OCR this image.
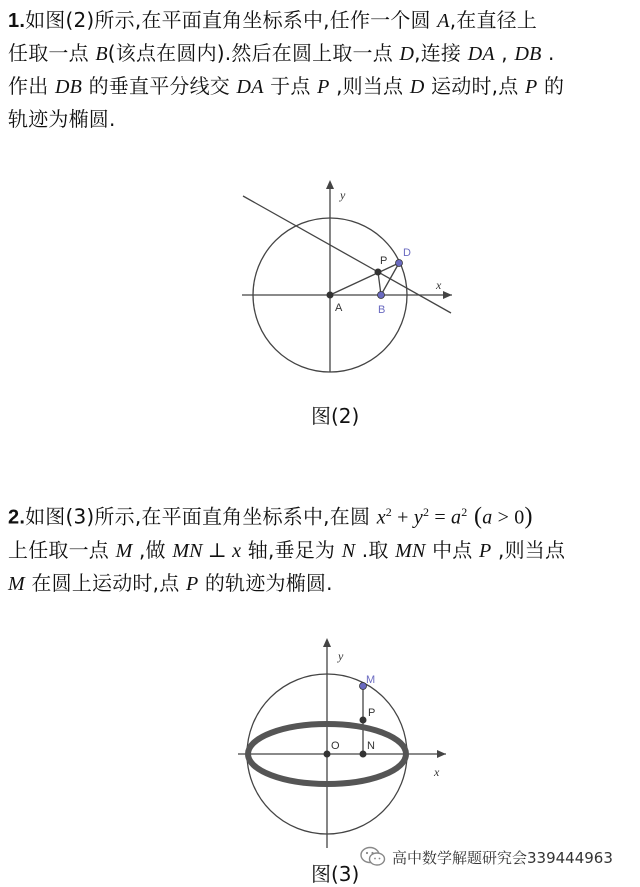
1.如图(2)所示,在平面直角坐标系中,任作一个圆 A,在直径上
任取一点 B(该点在圆内).然后在圆上取一点 D,连接 DA , DB .
作出 DB 的垂直平分线交 DA 于点 P ,则当点 D 运动时,点 P 的
轨迹为椭圆.
y
x
A	B
D
P
图(2)
2.如图(3)所示,在平面直角坐标系中,在圆 $x^2 + y^2 = a^2$ (a > 0)
上任取一点 M ,做 MN ⊥ x 轴,垂足为 N .取 MN 中点 P ,则当点
M 在圆上运动时,点 P 的轨迹为椭圆.
y
x
O N
P
M
图(3)
高中数学解题研究会339444963
